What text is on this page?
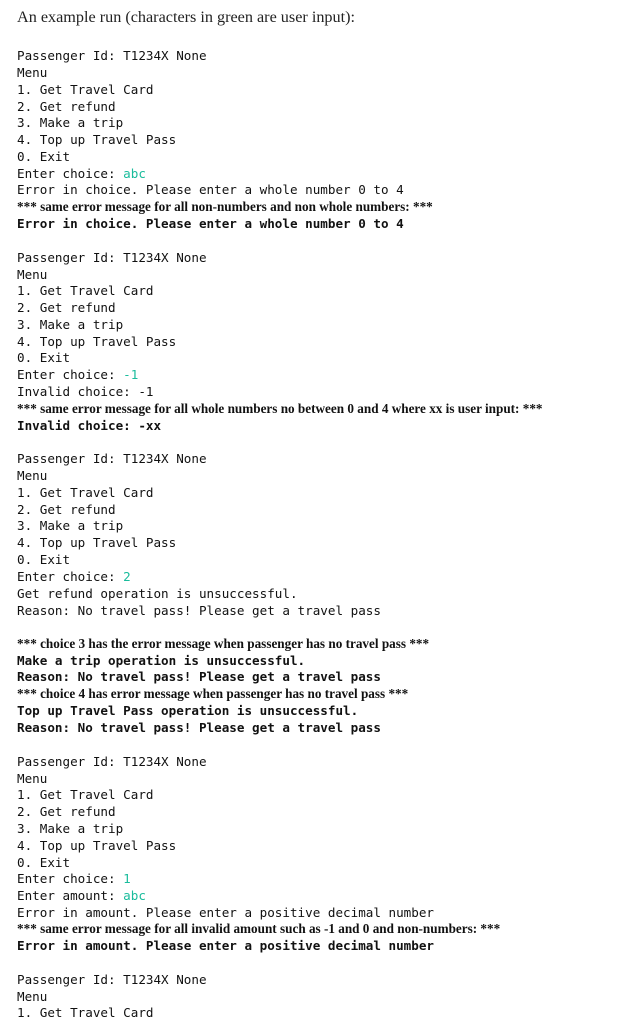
An example run (characters in green are user input):
Passenger Id: T1234X None
Menu
1. Get Travel Card
2. Get refund
3. Make a trip
4. Top up Travel Pass
0. Exit
Enter choice: abc
Error in choice. Please enter a whole number 0 to 4
*** same error message for all non-numbers and non whole numbers: ***
Error in choice. Please enter a whole number 0 to 4
Passenger Id: T1234X None
Menu
1. Get Travel Card
2. Get refund
3. Make a trip
4. Top up Travel Pass
0. Exit
Enter choice: -1
Invalid choice: -1
*** same error message for all whole numbers no between 0 and 4 where xx is user input: ***
Invalid choice: -xx
Passenger Id: T1234X None
Menu
1. Get Travel Card
2. Get refund
3. Make a trip
4. Top up Travel Pass
0. Exit
Enter choice: 2
Get refund operation is unsuccessful.
Reason: No travel pass! Please get a travel pass
*** choice 3 has the error message when passenger has no travel pass ***
Make a trip operation is unsuccessful.
Reason: No travel pass! Please get a travel pass
*** choice 4 has error message when passenger has no travel pass ***
Top up Travel Pass operation is unsuccessful.
Reason: No travel pass! Please get a travel pass
Passenger Id: T1234X None
Menu
1. Get Travel Card
2. Get refund
3. Make a trip
4. Top up Travel Pass
0. Exit
Enter choice: 1
Enter amount: abc
Error in amount. Please enter a positive decimal number
*** same error message for all invalid amount such as -1 and 0 and non-numbers: ***
Error in amount. Please enter a positive decimal number
Passenger Id: T1234X None
Menu
1. Get Travel Card
